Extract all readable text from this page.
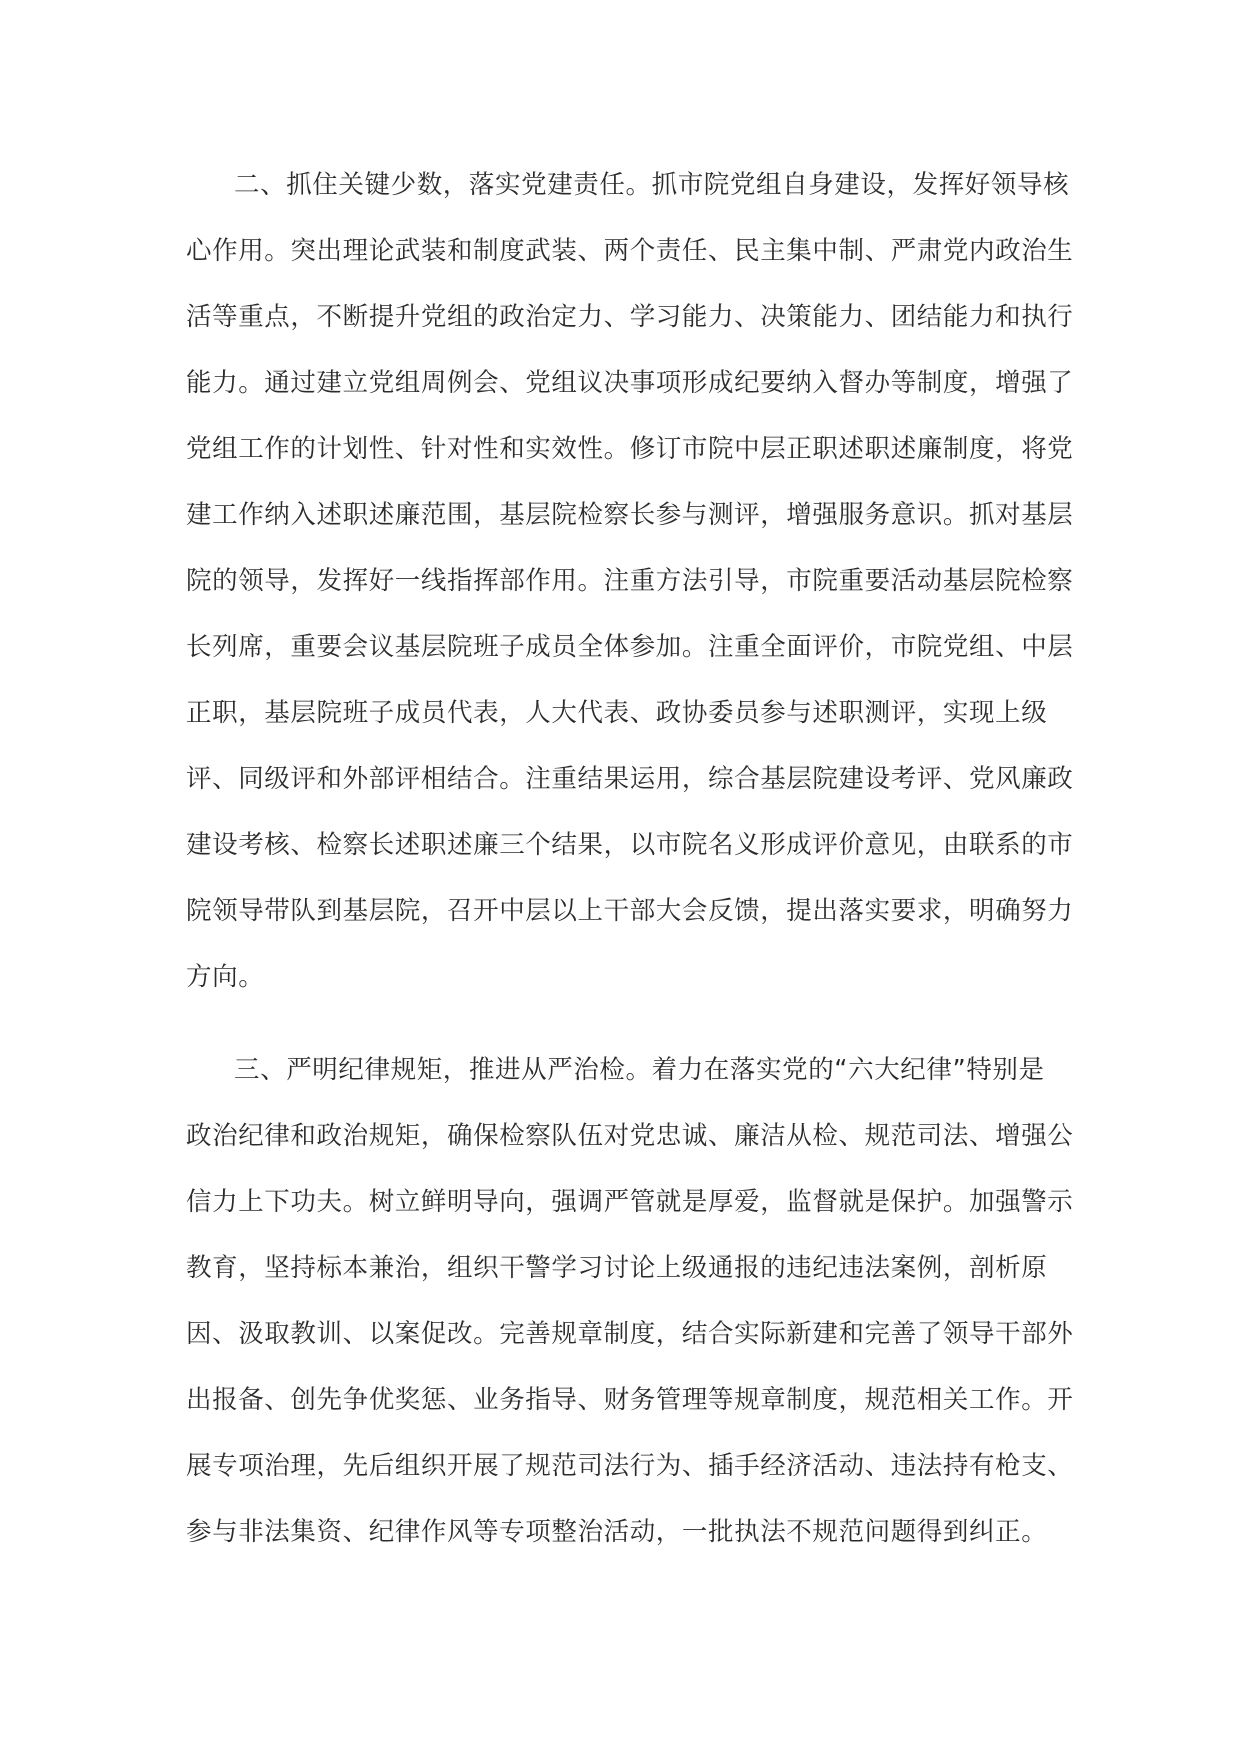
二、抓住关键少数，落实党建责任。抓市院党组自身建设，发挥好领导核
心作用。突出理论武装和制度武装、两个责任、民主集中制、严肃党内政治生
活等重点，不断提升党组的政治定力、学习能力、决策能力、团结能力和执行
能力。通过建立党组周例会、党组议决事项形成纪要纳入督办等制度，增强了
党组工作的计划性、针对性和实效性。修订市院中层正职述职述廉制度，将党
建工作纳入述职述廉范围，基层院检察长参与测评，增强服务意识。抓对基层
院的领导，发挥好一线指挥部作用。注重方法引导，市院重要活动基层院检察
长列席，重要会议基层院班子成员全体参加。注重全面评价，市院党组、中层
正职，基层院班子成员代表，人大代表、政协委员参与述职测评，实现上级
评、同级评和外部评相结合。注重结果运用，综合基层院建设考评、党风廉政
建设考核、检察长述职述廉三个结果，以市院名义形成评价意见，由联系的市
院领导带队到基层院，召开中层以上干部大会反馈，提出落实要求，明确努力
方向。
三、严明纪律规矩，推进从严治检。着力在落实党的“六大纪律”特别是
政治纪律和政治规矩，确保检察队伍对党忠诚、廉洁从检、规范司法、增强公
信力上下功夫。树立鲜明导向，强调严管就是厚爱，监督就是保护。加强警示
教育，坚持标本兼治，组织干警学习讨论上级通报的违纪违法案例，剖析原
因、汲取教训、以案促改。完善规章制度，结合实际新建和完善了领导干部外
出报备、创先争优奖惩、业务指导、财务管理等规章制度，规范相关工作。开
展专项治理，先后组织开展了规范司法行为、插手经济活动、违法持有枪支、
参与非法集资、纪律作风等专项整治活动，一批执法不规范问题得到纠正。
